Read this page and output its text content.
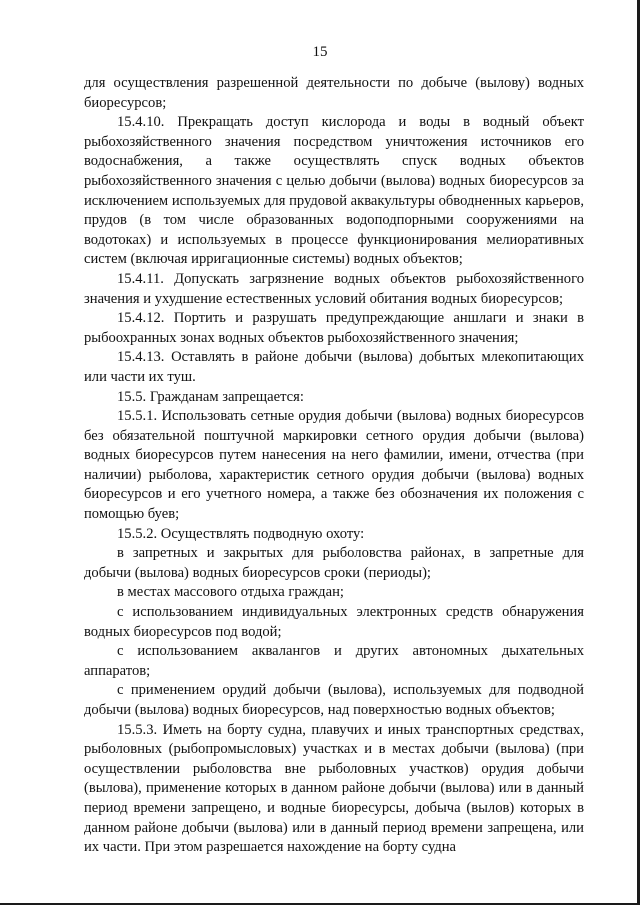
15

для осуществления разрешенной деятельности по добыче (вылову) водных биоресурсов;

15.4.10. Прекращать доступ кислорода и воды в водный объект рыбохозяйственного значения посредством уничтожения источников его водоснабжения, а также осуществлять спуск водных объектов рыбохозяйственного значения с целью добычи (вылова) водных биоресурсов за исключением используемых для прудовой аквакультуры обводненных карьеров, прудов (в том числе образованных водоподпорными сооружениями на водотоках) и используемых в процессе функционирования мелиоративных систем (включая ирригационные системы) водных объектов;

15.4.11. Допускать загрязнение водных объектов рыбохозяйственного значения и ухудшение естественных условий обитания водных биоресурсов;

15.4.12. Портить и разрушать предупреждающие аншлаги и знаки в рыбоохранных зонах водных объектов рыбохозяйственного значения;

15.4.13. Оставлять в районе добычи (вылова) добытых млекопитающих или части их туш.

15.5. Гражданам запрещается:

15.5.1. Использовать сетные орудия добычи (вылова) водных биоресурсов без обязательной поштучной маркировки сетного орудия добычи (вылова) водных биоресурсов путем нанесения на него фамилии, имени, отчества (при наличии) рыболова, характеристик сетного орудия добычи (вылова) водных биоресурсов и его учетного номера, а также без обозначения их положения с помощью буев;

15.5.2. Осуществлять подводную охоту:

в запретных и закрытых для рыболовства районах, в запретные для добычи (вылова) водных биоресурсов сроки (периоды);

в местах массового отдыха граждан;

с использованием индивидуальных электронных средств обнаружения водных биоресурсов под водой;

с использованием аквалангов и других автономных дыхательных аппаратов;

с применением орудий добычи (вылова), используемых для подводной добычи (вылова) водных биоресурсов, над поверхностью водных объектов;

15.5.3. Иметь на борту судна, плавучих и иных транспортных средствах, рыболовных (рыбопромысловых) участках и в местах добычи (вылова) (при осуществлении рыболовства вне рыболовных участков) орудия добычи (вылова), применение которых в данном районе добычи (вылова) или в данный период времени запрещено, и водные биоресурсы, добыча (вылов) которых в данном районе добычи (вылова) или в данный период времени запрещена, или их части. При этом разрешается нахождение на борту судна
